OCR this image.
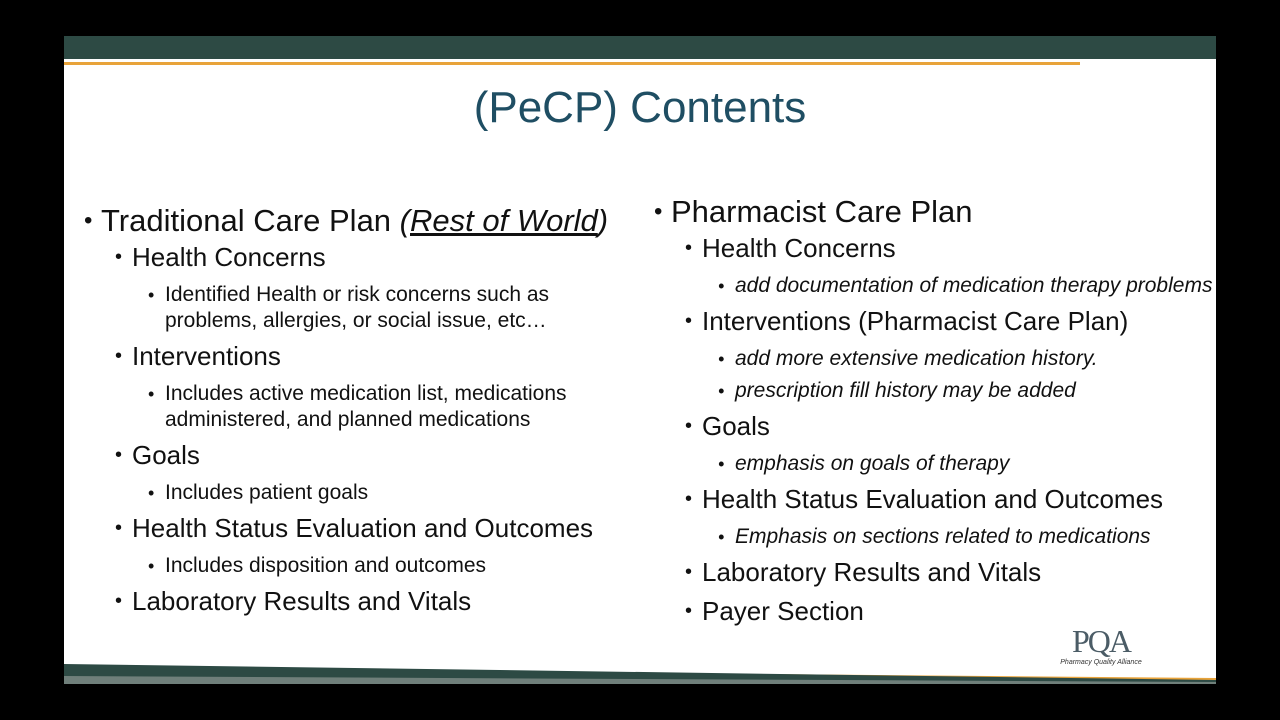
(PeCP) Contents
• Traditional Care Plan (Rest of World)
• Health Concerns
• Identified Health or risk concerns such as problems, allergies, or social issue, etc…
• Interventions
• Includes active medication list, medications administered, and planned medications
• Goals
• Includes patient goals
• Health Status Evaluation and Outcomes
• Includes disposition and outcomes
• Laboratory Results and Vitals
• Pharmacist Care Plan
• Health Concerns
• add documentation of medication therapy problems
• Interventions (Pharmacist Care Plan)
• add more extensive medication history.
• prescription fill history may be added
• Goals
• emphasis on goals of therapy
• Health Status Evaluation and Outcomes
• Emphasis on sections related to medications
• Laboratory Results and Vitals
• Payer Section
PQA
Pharmacy Quality Alliance
